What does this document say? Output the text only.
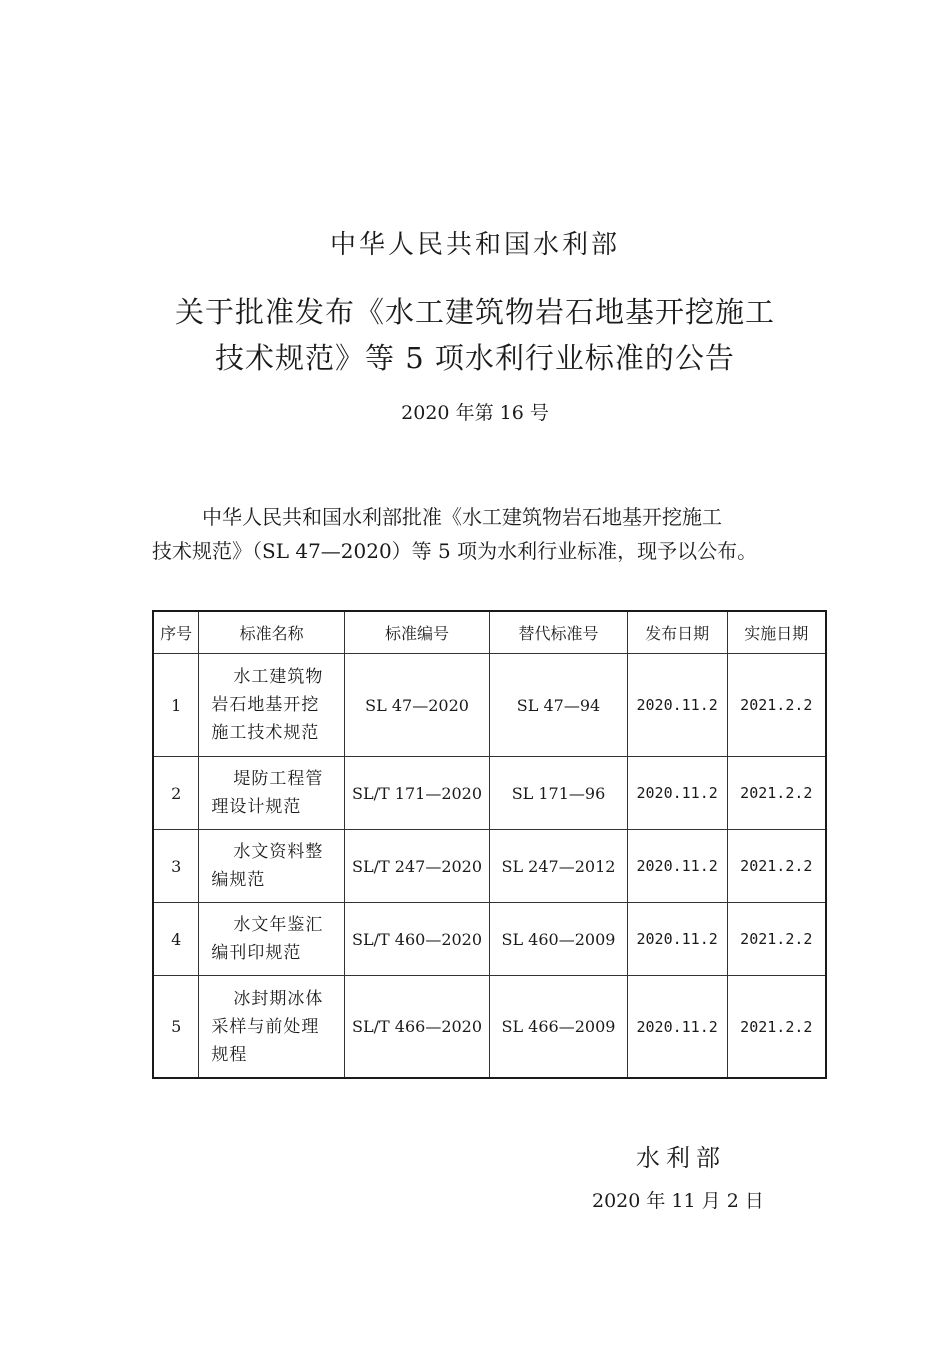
中华人民共和国水利部
关于批准发布《水工建筑物岩石地基开挖施工
技术规范》等 5 项水利行业标准的公告
2020 年第 16 号
中华人民共和国水利部批准《水工建筑物岩石地基开挖施工
技术规范》（SL 47—2020）等 5 项为水利行业标准，现予以公布。
序号	标准名称	标准编号	替代标准号	发布日期	实施日期
1	水工建筑物
岩石地基开挖
施工技术规范	SL 47—2020	SL 47—94	2020.11.2	2021.2.2
2	堤防工程管
理设计规范	SL/T 171—2020	SL 171—96	2020.11.2	2021.2.2
3	水文资料整
编规范	SL/T 247—2020	SL 247—2012	2020.11.2	2021.2.2
4	水文年鉴汇
编刊印规范	SL/T 460—2020	SL 460—2009	2020.11.2	2021.2.2
5	冰封期冰体
采样与前处理
规程	SL/T 466—2020	SL 466—2009	2020.11.2	2021.2.2
水利部
2020 年 11 月 2 日
